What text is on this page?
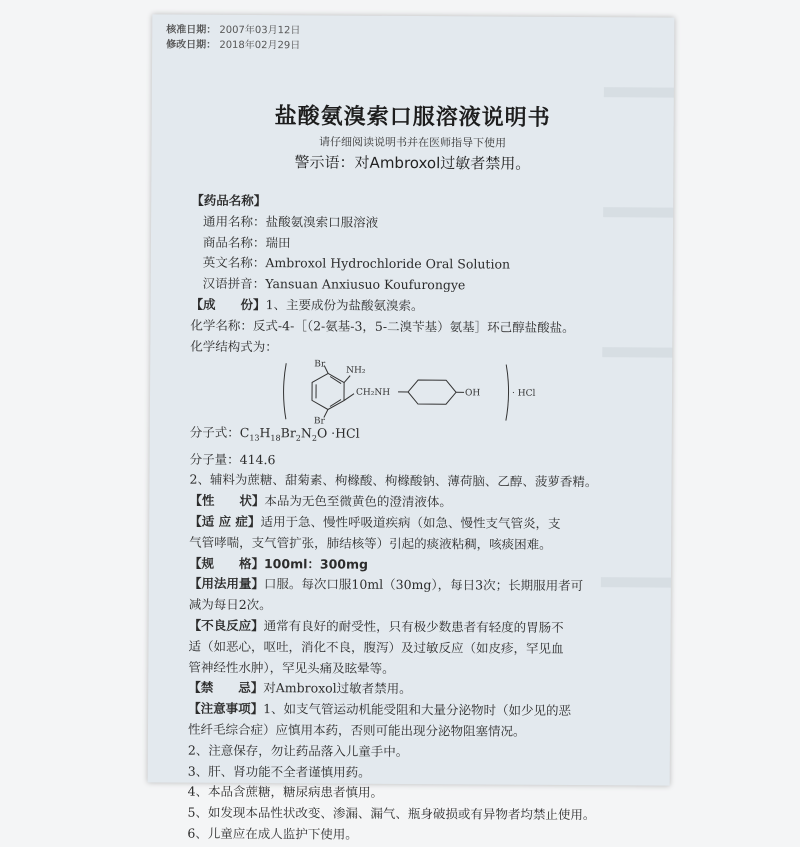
核准日期： 2007年03月12日
修改日期： 2018年02月29日
盐酸氨溴索口服溶液说明书
请仔细阅读说明书并在医师指导下使用
警示语：对Ambroxol过敏者禁用。
【药品名称】
通用名称：盐酸氨溴索口服溶液
商品名称：瑞田
英文名称：Ambroxol Hydrochloride Oral Solution
汉语拼音：Yansuan Anxiusuo Koufurongye
【成　　份】1、主要成份为盐酸氨溴索。
化学名称：反式-4-［（2-氨基-3，5-二溴苄基）氨基］环己醇盐酸盐。
化学结构式为：
Br
NH₂
Br
CH₂NH	OH	· HCl
分子式：$C_{13}H_{18}Br_2N_2O \cdot HCl$
分子量：414.6
2、辅料为蔗糖、甜菊素、枸橼酸、枸橼酸钠、薄荷脑、乙醇、菠萝香精。
【性　　状】本品为无色至微黄色的澄清液体。
【适 应 症】适用于急、慢性呼吸道疾病（如急、慢性支气管炎，支
气管哮喘，支气管扩张，肺结核等）引起的痰液粘稠，咳痰困难。
【规　　格】100ml：300mg
【用法用量】口服。每次口服10ml（30mg），每日3次；长期服用者可
减为每日2次。
【不良反应】通常有良好的耐受性，只有极少数患者有轻度的胃肠不
适（如恶心，呕吐，消化不良，腹泻）及过敏反应（如皮疹，罕见血
管神经性水肿），罕见头痛及眩晕等。
【禁　　忌】对Ambroxol过敏者禁用。
【注意事项】1、如支气管运动机能受阻和大量分泌物时（如少见的恶
性纤毛综合症）应慎用本药，否则可能出现分泌物阻塞情况。
2、注意保存，勿让药品落入儿童手中。
3、肝、肾功能不全者谨慎用药。
4、本品含蔗糖，糖尿病患者慎用。
5、如发现本品性状改变、渗漏、漏气、瓶身破损或有异物者均禁止使用。
6、儿童应在成人监护下使用。
